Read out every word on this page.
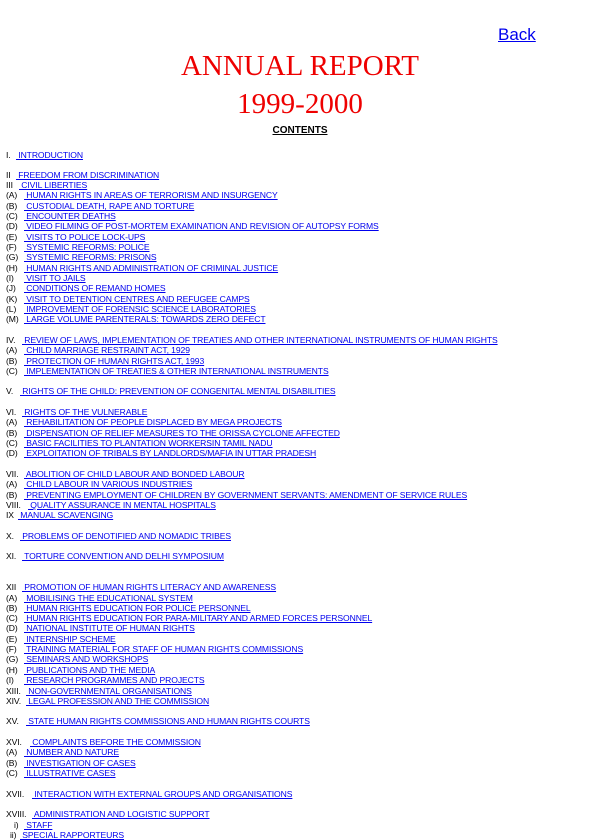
Back
ANNUAL REPORT
1999-2000
CONTENTS
I. INTRODUCTION
II FREEDOM FROM DISCRIMINATION
III CIVIL LIBERTIES
(A) HUMAN RIGHTS IN AREAS OF TERRORISM AND INSURGENCY
(B) CUSTODIAL DEATH, RAPE AND TORTURE
(C) ENCOUNTER DEATHS
(D) VIDEO FILMING OF POST-MORTEM EXAMINATION AND REVISION OF AUTOPSY FORMS
(E) VISITS TO POLICE LOCK-UPS
(F) SYSTEMIC REFORMS: POLICE
(G) SYSTEMIC REFORMS: PRISONS
(H) HUMAN RIGHTS AND ADMINISTRATION OF CRIMINAL JUSTICE
(I) VISIT TO JAILS
(J) CONDITIONS OF REMAND HOMES
(K) VISIT TO DETENTION CENTRES AND REFUGEE CAMPS
(L) IMPROVEMENT OF FORENSIC SCIENCE LABORATORIES
(M) LARGE VOLUME PARENTERALS: TOWARDS ZERO DEFECT
IV. REVIEW OF LAWS, IMPLEMENTATION OF TREATIES AND OTHER INTERNATIONAL INSTRUMENTS OF HUMAN RIGHTS
(A) CHILD MARRIAGE RESTRAINT ACT, 1929
(B) PROTECTION OF HUMAN RIGHTS ACT, 1993
(C) IMPLEMENTATION OF TREATIES & OTHER INTERNATIONAL INSTRUMENTS
V. RIGHTS OF THE CHILD: PREVENTION OF CONGENITAL MENTAL DISABILITIES
VI. RIGHTS OF THE VULNERABLE
(A) REHABILITATION OF PEOPLE DISPLACED BY MEGA PROJECTS
(B) DISPENSATION OF RELIEF MEASURES TO THE ORISSA CYCLONE AFFECTED
(C) BASIC FACILITIES TO PLANTATION WORKERSIN TAMIL NADU
(D) EXPLOITATION OF TRIBALS BY LANDLORDS/MAFIA IN UTTAR PRADESH
VII. ABOLITION OF CHILD LABOUR AND BONDED LABOUR
(A) CHILD LABOUR IN VARIOUS INDUSTRIES
(B) PREVENTING EMPLOYMENT OF CHILDREN BY GOVERNMENT SERVANTS: AMENDMENT OF SERVICE RULES
VIII. QUALITY ASSURANCE IN MENTAL HOSPITALS
IX MANUAL SCAVENGING
X. PROBLEMS OF DENOTIFIED AND NOMADIC TRIBES
XI. TORTURE CONVENTION AND DELHI SYMPOSIUM
XII PROMOTION OF HUMAN RIGHTS LITERACY AND AWARENESS
(A) MOBILISING THE EDUCATIONAL SYSTEM
(B) HUMAN RIGHTS EDUCATION FOR POLICE PERSONNEL
(C) HUMAN RIGHTS EDUCATION FOR PARA-MILITARY AND ARMED FORCES PERSONNEL
(D) NATIONAL INSTITUTE OF HUMAN RIGHTS
(E) INTERNSHIP SCHEME
(F) TRAINING MATERIAL FOR STAFF OF HUMAN RIGHTS COMMISSIONS
(G) SEMINARS AND WORKSHOPS
(H) PUBLICATIONS AND THE MEDIA
(I) RESEARCH PROGRAMMES AND PROJECTS
XIII. NON-GOVERNMENTAL ORGANISATIONS
XIV. LEGAL PROFESSION AND THE COMMISSION
XV. STATE HUMAN RIGHTS COMMISSIONS AND HUMAN RIGHTS COURTS
XVI. COMPLAINTS BEFORE THE COMMISSION
(A) NUMBER AND NATURE
(B) INVESTIGATION OF CASES
(C) ILLUSTRATIVE CASES
XVII. INTERACTION WITH EXTERNAL GROUPS AND ORGANISATIONS
XVIII. ADMINISTRATION AND LOGISTIC SUPPORT
i) STAFF
ii) SPECIAL RAPPORTEURS
